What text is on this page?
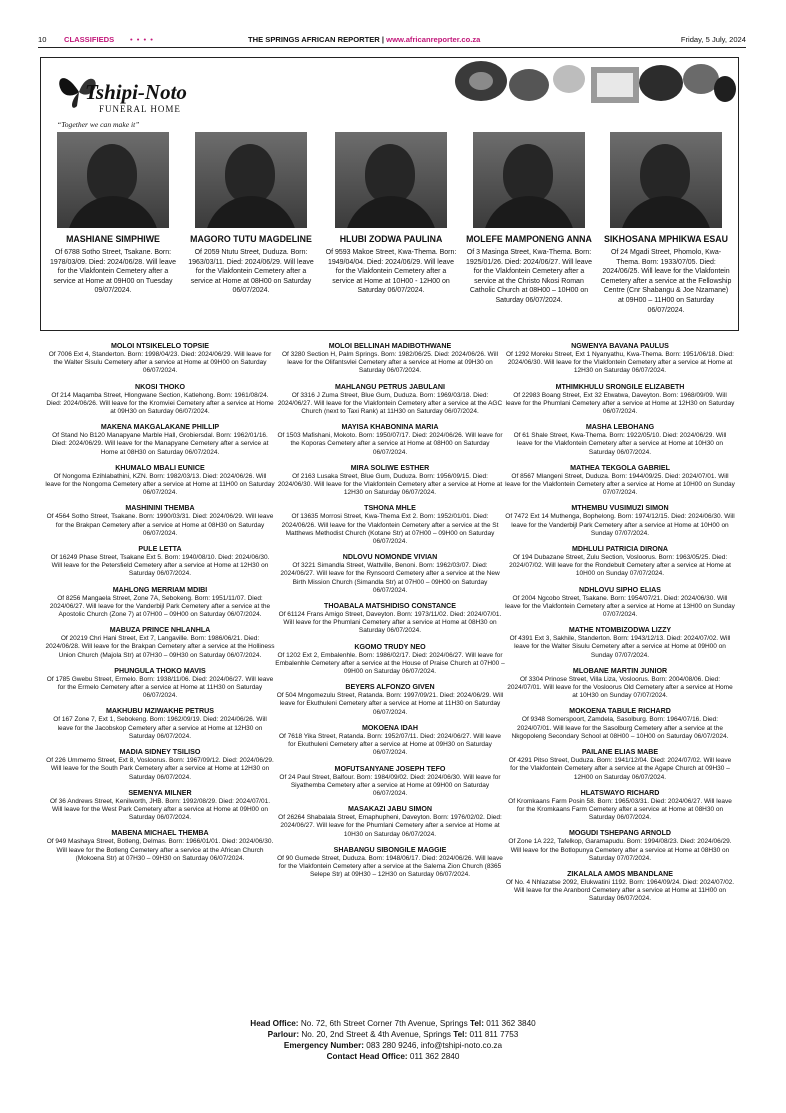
10	CLASSIFIEDS	• • • •	THE SPRINGS AFRICAN REPORTER | www.africanreporter.co.za	Friday, 5 July, 2024
Tshipi-Noto
FUNERAL HOME
“Together we can make it”
MASHIANE SIMPHIWE
Of 6788 Sotho Street, Tsakane. Born: 1978/03/09. Died: 2024/06/28. Will leave for the Vlakfontein Cemetery after a service at Home at 09H00 on Tuesday 09/07/2024.
MAGORO TUTU MAGDELINE
Of 2059 Ntutu Street, Duduza. Born: 1963/03/11. Died: 2024/06/29. Will leave for the Vlakfontein Cemetery after a service at Home at 08H00 on Saturday 06/07/2024.
HLUBI ZODWA PAULINA
Of 9593 Makoe Street, Kwa-Thema. Born: 1949/04/04. Died: 2024/06/29. Will leave for the Vlakfontein Cemetery after a service at Home at 10H00 - 12H00 on Saturday 06/07/2024.
MOLEFE MAMPONENG ANNA
Of 3 Masinga Street, Kwa-Thema. Born: 1925/01/26. Died: 2024/06/27. Will leave for the Vlakfontein Cemetery after a service at the Christo Nkosi Roman Catholic Church at 08H00 – 10H00 on Saturday 06/07/2024.
SIKHOSANA MPHIKWA ESAU
Of 24 Mgadi Street, Phomolo, Kwa-Thema. Born: 1933/07/05. Died: 2024/06/25. Will leave for the Vlakfontein Cemetery after a service at the Fellowship Centre (Cnr Shabangu & Joe Nzamane) at 09H00 – 11H00 on Saturday 06/07/2024.
MOLOI NTSIKELELO TOPSIE
Of 7006 Ext 4, Standerton. Born: 1998/04/23. Died: 2024/06/29. Will leave for the Walter Sisulu Cemetery after a service at Home at 09H00 on Saturday 06/07/2024.
NKOSI THOKO
Of 214 Maqamba Street, Hlongwane Section, Katlehong. Born: 1961/08/24. Died: 2024/06/26. Will leave for the Kromviei Cemetery after a service at Home at 09H30 on Saturday 06/07/2024.
MAKENA MAKGALAKANE PHILLIP
Of Stand No B120 Manapyane Marble Hall, Grobiersdal. Born: 1962/01/16. Died: 2024/06/29. Will leave for the Manapyane Cemetery after a service at Home at 08H30 on Saturday 06/07/2024.
KHUMALO MBALI EUNICE
Of Nongoma Ezihlabathini, KZN. Born: 1982/03/13. Died: 2024/06/26. Will leave for the Nongoma Cemetery after a service at Home at 11H00 on Saturday 06/07/2024.
MASHININI THEMBA
Of 4564 Sotho Street, Tsakane. Born: 1990/03/31. Died: 2024/06/29. Will leave for the Brakpan Cemetery after a service at Home at 08H30 on Saturday 06/07/2024.
PULE LETTA
Of 16249 Phase Street, Tsakane Ext 5. Born: 1940/08/10. Died: 2024/06/30. Will leave for the Petersfield Cemetery after a service at Home at 12H30 on Saturday 06/07/2024.
MAHLONG MERRIAM MDIBI
Of 8256 Mangaela Street, Zone 7A, Sebokeng. Born: 1951/11/07. Died: 2024/06/27. Will leave for the Vanderbijl Park Cemetery after a service at the Apostolic Church (Zone 7) at 07H00 – 09H00 on Saturday 06/07/2024.
MABUZA PRINCE NHLANHLA
Of 20219 Chri Hani Street, Ext 7, Langaville. Born: 1986/06/21. Died: 2024/06/28. Will leave for the Brakpan Cemetery after a service at the Holliness Union Church (Majola Str) at 07H30 – 09H30 on Saturday 06/07/2024.
PHUNGULA THOKO MAVIS
Of 1785 Gwebu Street, Ermelo. Born: 1938/11/06. Died: 2024/06/27. Will leave for the Ermelo Cemetery after a service at Home at 11H30 on Saturday 06/07/2024.
MAKHUBU MZIWAKHE PETRUS
Of 167 Zone 7, Ext 1, Sebokeng. Born: 1962/09/19. Died: 2024/06/26. Will leave for the Jacobskop Cemetery after a service at Home at 12H30 on Saturday 06/07/2024.
MADIA SIDNEY TSILISO
Of 226 Ummemo Street, Ext 8, Vosloorus. Born: 1967/09/12. Died: 2024/06/29. Will leave for the South Park Cemetery after a service at Home at 12H30 on Saturday 06/07/2024.
SEMENYA MILNER
Of 36 Andrews Street, Kenilworth, JHB. Born: 1992/08/29. Died: 2024/07/01. Will leave for the West Park Cemetery after a service at Home at 09H00 on Saturday 06/07/2024.
MABENA MICHAEL THEMBA
Of 949 Mashaya Street, Botleng, Delmas. Born: 1966/01/01. Died: 2024/06/30. Will leave for the Botleng Cemetery after a service at the African Church (Mokoena Str) at 07H30 – 09H30 on Saturday 06/07/2024.
MOLOI BELLINAH MADIBOTHWANE
Of 3280 Section H, Palm Springs. Born: 1982/06/25. Died: 2024/06/26. Will leave for the Olifantsvlei Cemetery after a service at Home at 09H30 on Saturday 06/07/2024.
MAHLANGU PETRUS JABULANI
Of 3316 J Zuma Street, Blue Gum, Duduza. Born: 1969/03/18. Died: 2024/06/27. Will leave for the Vlakfontein Cemetery after a service at the AGC Church (next to Taxi Rank) at 11H30 on Saturday 06/07/2024.
MAYISA KHABONINA MARIA
Of 1503 Mafishani, Mokoto. Born: 1950/07/17. Died: 2024/06/26. Will leave for the Koporas Cemetery after a service at Home at 08H00 on Saturday 06/07/2024.
MIRA SOLIWE ESTHER
Of 2163 Lusaka Street, Blue Gum, Duduza. Born: 1956/09/15. Died: 2024/06/30. Will leave for the Vlakfontein Cemetery after a service at Home at 12H30 on Saturday 06/07/2024.
TSHONA MHLE
Of 13635 Morrosi Street, Kwa-Thema Ext 2. Born: 1952/01/01. Died: 2024/06/26. Will leave for the Vlakfontein Cemetery after a service at the St Matthews Methodist Church (Kotane Str) at 07H00 – 09H00 on Saturday 06/07/2024.
NDLOVU NOMONDE VIVIAN
Of 3221 Simandla Street, Wattville, Benoni. Born: 1962/03/07. Died: 2024/06/27. Will leave for the Rynsoord Cemetery after a service at the New Birth Mission Church (Simandla Str) at 07H00 – 09H00 on Saturday 06/07/2024.
THOABALA MATSHIDISO CONSTANCE
Of 61124 Frans Amigo Street, Daveyton. Born: 1973/11/02. Died: 2024/07/01. Will leave for the Phumlani Cemetery after a service at Home at 08H30 on Saturday 06/07/2024.
KGOMO TRUDY NEO
Of 1202 Ext 2, Embalenhle. Born: 1986/02/17. Died: 2024/06/27. Will leave for Embalenhle Cemetery after a service at the House of Praise Church at 07H00 – 09H00 on Saturday 06/07/2024.
BEYERS ALFONZO GIVEN
Of 504 Mngomezulu Street, Ratanda. Born: 1997/09/21. Died: 2024/06/29. Will leave for Ekuthuleni Cemetery after a service at Home at 11H30 on Saturday 06/07/2024.
MOKOENA IDAH
Of 7618 Yika Street, Ratanda. Born: 1952/07/11. Died: 2024/06/27. Will leave for Ekuthuleni Cemetery after a service at Home at 09H30 on Saturday 06/07/2024.
MOFUTSANYANE JOSEPH TEFO
Of 24 Paul Street, Balfour. Born: 1984/09/02. Died: 2024/06/30. Will leave for Siyathemba Cemetery after a service at Home at 09H00 on Saturday 06/07/2024.
MASAKAZI JABU SIMON
Of 26264 Shabalala Street, Emaphupheni, Daveyton. Born: 1976/02/02. Died: 2024/06/27. Will leave for the Phumlani Cemetery after a service at Home at 10H30 on Saturday 06/07/2024.
SHABANGU SIBONGILE MAGGIE
Of 90 Gumede Street, Duduza. Born: 1948/06/17. Died: 2024/06/26. Will leave for the Vlakfontein Cemetery after a service at the Salema Zion Church (8365 Selepe Str) at 09H30 – 12H30 on Saturday 06/07/2024.
NGWENYA BAVANA PAULUS
Of 1292 Moreku Street, Ext 1 Nyanyathu, Kwa-Thema. Born: 1951/06/18. Died: 2024/06/30. Will leave for the Vlakfontein Cemetery after a service at Home at 12H30 on Saturday 06/07/2024.
MTHIMKHULU SRONGILE ELIZABETH
Of 22983 Boang Street, Ext 32 Etwatwa, Daveyton. Born: 1968/09/09. Will leave for the Phumlani Cemetery after a service at Home at 12H30 on Saturday 06/07/2024.
MASHA LEBOHANG
Of 61 Shale Street, Kwa-Thema. Born: 1922/05/10. Died: 2024/06/29. Will leave for the Vlakfontein Cemetery after a service at Home at 10H30 on Saturday 06/07/2024.
MATHEA TEKGOLA GABRIEL
Of 8567 Mlangeni Street, Duduza. Born: 1944/09/25. Died: 2024/07/01. Will leave for the Vlakfontein Cemetery after a service at Home at 10H00 on Sunday 07/07/2024.
MTHEMBU VUSIMUZI SIMON
Of 7472 Ext 14 Muthenga, Bophelong. Born: 1974/12/15. Died: 2024/06/30. Will leave for the Vanderbijl Park Cemetery after a service at Home at 10H00 on Sunday 07/07/2024.
MDHLULI PATRICIA DIRONA
Of 194 Dubazane Street, Zulu Section, Vosloorus. Born: 1963/05/25. Died: 2024/07/02. Will leave for the Rondebult Cemetery after a service at Home at 10H00 on Sunday 07/07/2024.
NDHLOVU SIPHO ELIAS
Of 2004 Ngcobo Street, Tsakane. Born: 1954/07/21. Died: 2024/06/30. Will leave for the Vlakfontein Cemetery after a service at Home at 13H00 on Sunday 07/07/2024.
MATHE NTOMBIZODWA LIZZY
Of 4391 Ext 3, Sakhile, Standerton. Born: 1943/12/13. Died: 2024/07/02. Will leave for the Walter Sisulu Cemetery after a service at Home at 09H00 on Sunday 07/07/2024.
MLOBANE MARTIN JUNIOR
Of 3304 Prinose Street, Villa Liza, Vosloorus. Born: 2004/08/06. Died: 2024/07/01. Will leave for the Vosloorus Old Cemetery after a service at Home at 10H30 on Sunday 07/07/2024.
MOKOENA TABULE RICHARD
Of 9348 Somerspoort, Zamdela, Sasolburg. Born: 1964/07/16. Died: 2024/07/01. Will leave for the Sasolburg Cemetery after a service at the Nkgopoleng Secondary School at 08H00 – 10H00 on Saturday 06/07/2024.
PAILANE ELIAS MABE
Of 4291 Pitso Street, Duduza. Born: 1941/12/04. Died: 2024/07/02. Will leave for the Vlakfontein Cemetery after a service at the Agape Church at 09H30 – 12H00 on Saturday 06/07/2024.
HLATSWAYO RICHARD
Of Kromkaans Farm Posin 58. Born: 1965/03/31. Died: 2024/06/27. Will leave for the Kromkaans Farm Cemetery after a service at Home at 08H30 on Saturday 06/07/2024.
MOGUDI TSHEPANG ARNOLD
Of Zone 1A 222, Tafelkop, Garamapudu. Born: 1994/08/23. Died: 2024/06/29. Will leave for the Botlopunya Cemetery after a service at Home at 08H30 on Saturday 07/07/2024.
ZIKALALA AMOS MBANDLANE
Of No. 4 Nhlazatse 2092, Elukwatini 1192. Born: 1964/09/24. Died: 2024/07/02. Will leave for the Aranbord Cemetery after a service at Home at 11H00 on Saturday 06/07/2024.
Head Office: No. 72, 6th Street Corner 7th Avenue, Springs Tel: 011 362 3840
Parlour: No. 20, 2nd Street & 4th Avenue, Springs Tel: 011 811 7753
Emergency Number: 083 280 9246, info@tshipi-noto.co.za
Contact Head Office: 011 362 2840
